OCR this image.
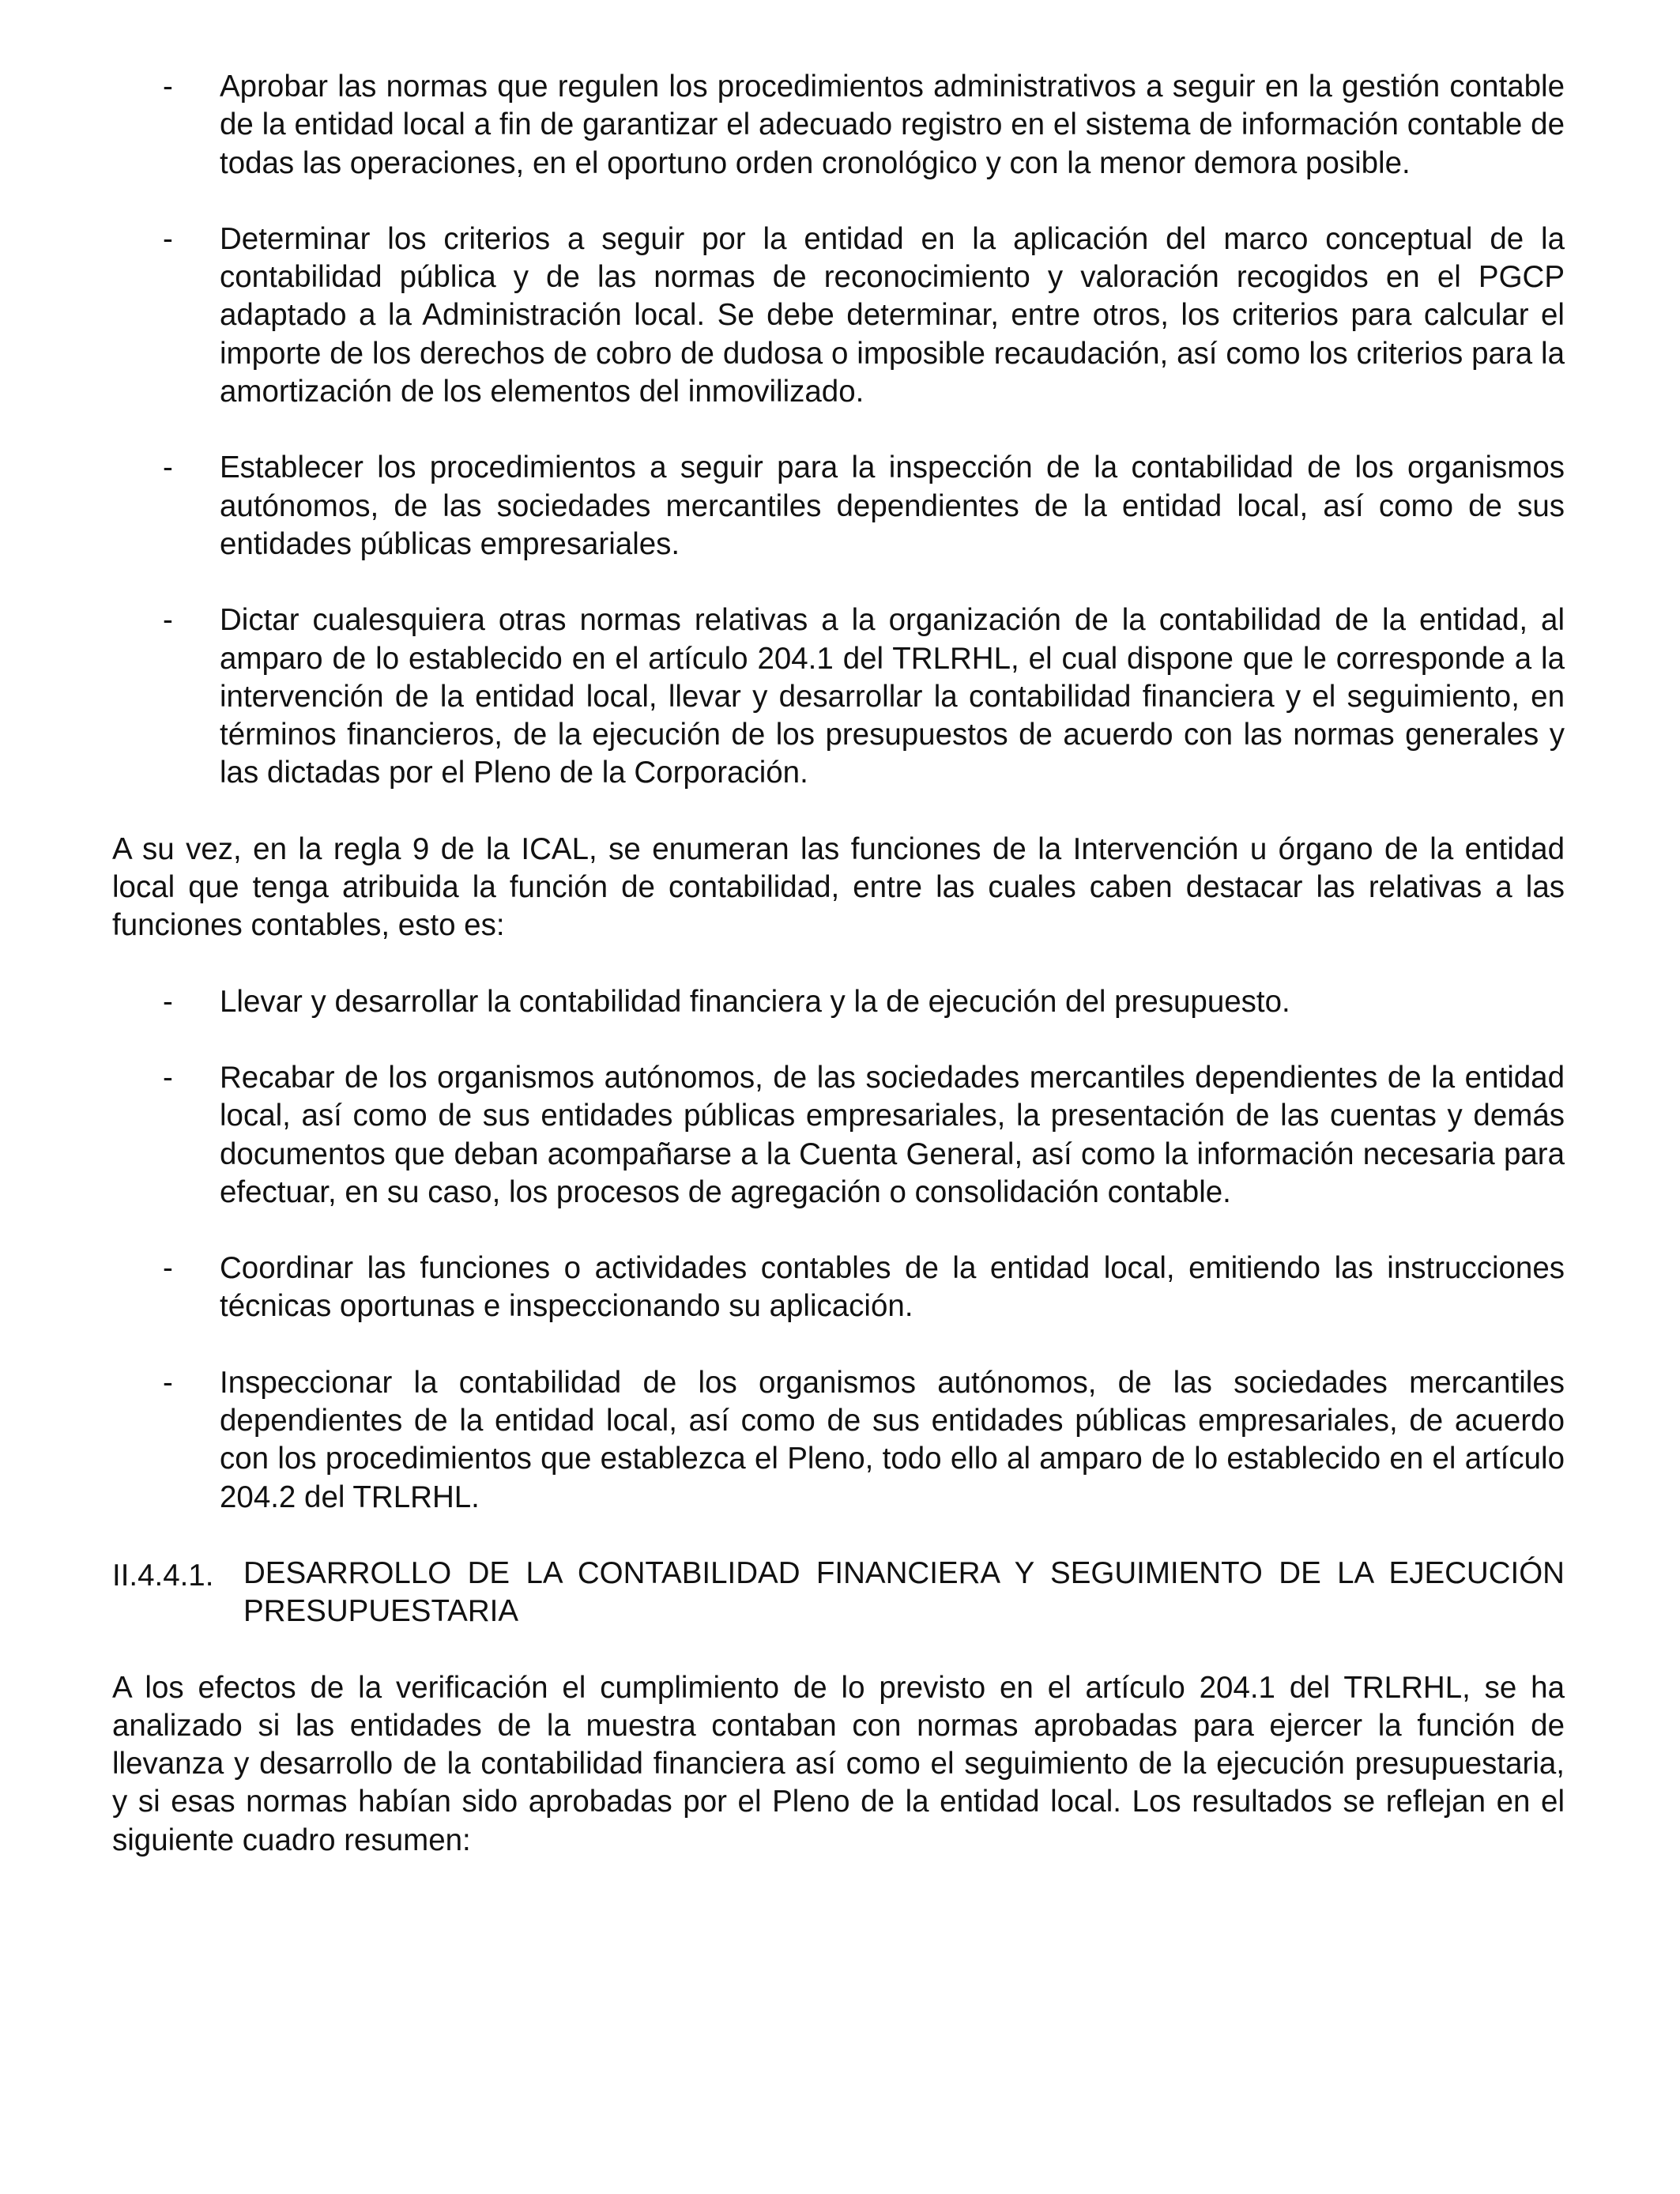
- Aprobar las normas que regulen los procedimientos administrativos a seguir en la gestión contable de la entidad local a fin de garantizar el adecuado registro en el sistema de información contable de todas las operaciones, en el oportuno orden cronológico y con la menor demora posible.
- Determinar los criterios a seguir por la entidad en la aplicación del marco conceptual de la contabilidad pública y de las normas de reconocimiento y valoración recogidos en el PGCP adaptado a la Administración local. Se debe determinar, entre otros, los criterios para calcular el importe de los derechos de cobro de dudosa o imposible recaudación, así como los criterios para la amortización de los elementos del inmovilizado.
- Establecer los procedimientos a seguir para la inspección de la contabilidad de los organismos autónomos, de las sociedades mercantiles dependientes de la entidad local, así como de sus entidades públicas empresariales.
- Dictar cualesquiera otras normas relativas a la organización de la contabilidad de la entidad, al amparo de lo establecido en el artículo 204.1 del TRLRHL, el cual dispone que le corresponde a la intervención de la entidad local, llevar y desarrollar la contabilidad financiera y el seguimiento, en términos financieros, de la ejecución de los presupuestos de acuerdo con las normas generales y las dictadas por el Pleno de la Corporación.

A su vez, en la regla 9 de la ICAL, se enumeran las funciones de la Intervención u órgano de la entidad local que tenga atribuida la función de contabilidad, entre las cuales caben destacar las relativas a las funciones contables, esto es:

- Llevar y desarrollar la contabilidad financiera y la de ejecución del presupuesto.
- Recabar de los organismos autónomos, de las sociedades mercantiles dependientes de la entidad local, así como de sus entidades públicas empresariales, la presentación de las cuentas y demás documentos que deban acompañarse a la Cuenta General, así como la información necesaria para efectuar, en su caso, los procesos de agregación o consolidación contable.
- Coordinar las funciones o actividades contables de la entidad local, emitiendo las instrucciones técnicas oportunas e inspeccionando su aplicación.
- Inspeccionar la contabilidad de los organismos autónomos, de las sociedades mercantiles dependientes de la entidad local, así como de sus entidades públicas empresariales, de acuerdo con los procedimientos que establezca el Pleno, todo ello al amparo de lo establecido en el artículo 204.2 del TRLRHL.
II.4.4.1. DESARROLLO DE LA CONTABILIDAD FINANCIERA Y SEGUIMIENTO DE LA EJECUCIÓN PRESUPUESTARIA

A los efectos de la verificación el cumplimiento de lo previsto en el artículo 204.1 del TRLRHL, se ha analizado si las entidades de la muestra contaban con normas aprobadas para ejercer la función de llevanza y desarrollo de la contabilidad financiera así como el seguimiento de la ejecución presupuestaria, y si esas normas habían sido aprobadas por el Pleno de la entidad local. Los resultados se reflejan en el siguiente cuadro resumen:
